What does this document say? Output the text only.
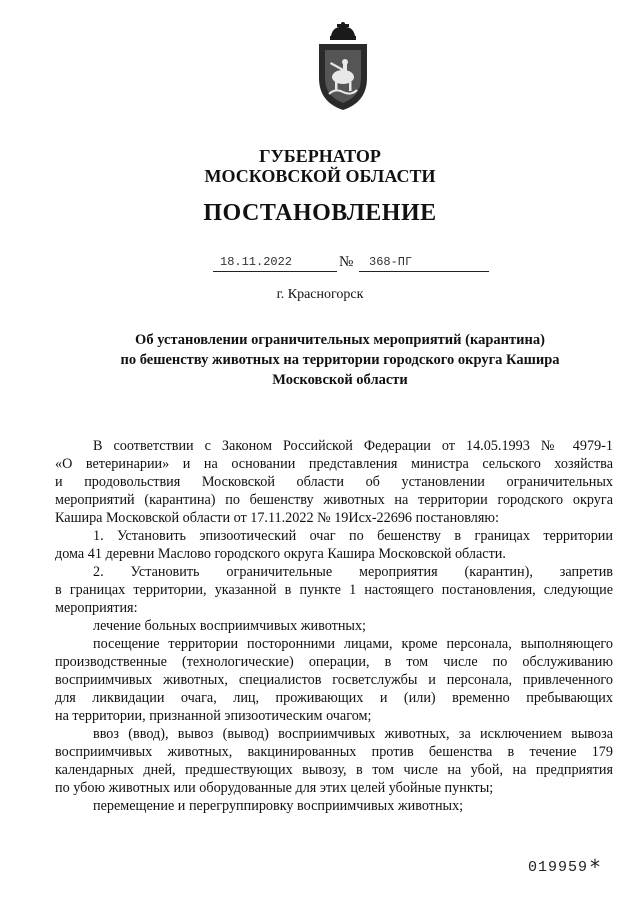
ГУБЕРНАТОР

МОСКОВСКОЙ ОБЛАСТИ

ПОСТАНОВЛЕНИЕ

18.11.2022	№ 368-ПГ
г. Красногорск
Об установлении ограничительных мероприятий (карантина)
по бешенству животных на территории городского округа Кашира
Московской области
В соответствии с Законом Российской Федерации от 14.05.1993 № 4979-1
«О ветеринарии» и на основании представления министра сельского хозяйства
и продовольствия Московской области об установлении ограничительных
мероприятий (карантина) по бешенству животных на территории городского округа
Кашира Московской области от 17.11.2022 № 19Исх-22696 постановляю:
1. Установить эпизоотический очаг по бешенству в границах территории
дома 41 деревни Маслово городского округа Кашира Московской области.
2. Установить ограничительные мероприятия (карантин), запретив
в границах территории, указанной в пункте 1 настоящего постановления, следующие
мероприятия:
лечение больных восприимчивых животных;
посещение территории посторонними лицами, кроме персонала, выполняющего
производственные (технологические) операции, в том числе по обслуживанию
восприимчивых животных, специалистов госветслужбы и персонала, привлеченного
для ликвидации очага, лиц, проживающих и (или) временно пребывающих
на территории, признанной эпизоотическим очагом;
ввоз (ввод), вывоз (вывод) восприимчивых животных, за исключением вывоза
восприимчивых животных, вакцинированных против бешенства в течение 179
календарных дней, предшествующих вывозу, в том числе на убой, на предприятия
по убою животных или оборудованные для этих целей убойные пункты;
перемещение и перегруппировку восприимчивых животных;
019959 *
